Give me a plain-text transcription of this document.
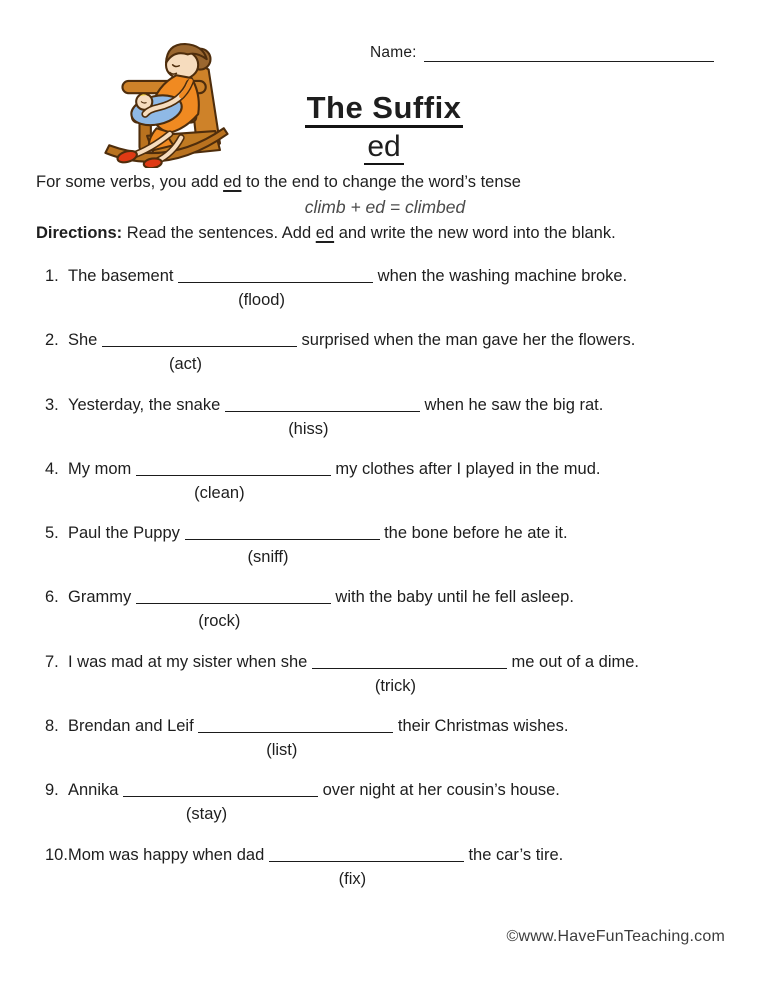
Name:
The Suffix
ed
For some verbs, you add ed to the end to change the word’s tense
climb + ed = climbed
Directions: Read the sentences. Add ed and write the new word into the blank.
1. The basement
(flood)
when the washing machine broke.
2. She
(act)
surprised when the man gave her the flowers.
3. Yesterday, the snake
(hiss)
when he saw the big rat.
4. My mom
(clean)
my clothes after I played in the mud.
5. Paul the Puppy
(sniff)
the bone before he ate it.
6. Grammy
(rock)
with the baby until he fell asleep.
7. I was mad at my sister when she
(trick)
me out of a dime.
8. Brendan and Leif
(list)
their Christmas wishes.
9. Annika
(stay)
over night at her cousin’s house.
10.Mom was happy when dad
(fix)
the car’s tire.
©www.HaveFunTeaching.com
